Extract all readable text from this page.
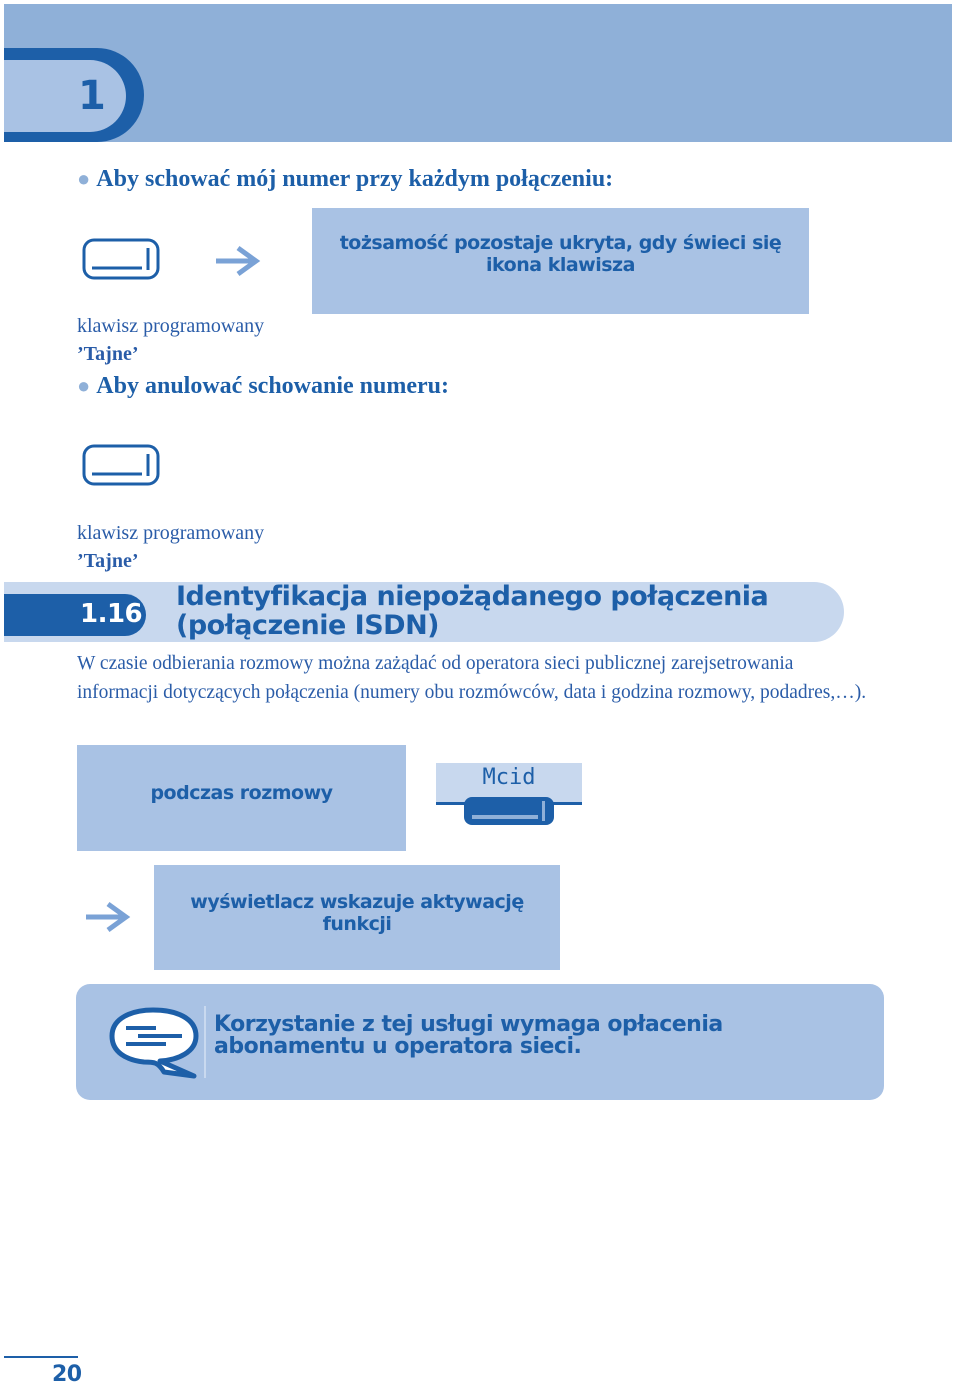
1
● Aby schować mój numer przy każdym połączeniu:
tożsamość pozostaje ukryta, gdy świeci się ikona klawisza
klawisz programowany
’Tajne’
● Aby anulować schowanie numeru:
klawisz programowany
’Tajne’
1.16
Identyfikacja niepożądanego połączenia (połączenie ISDN)
W czasie odbierania rozmowy można zażądać od operatora sieci publicznej zarejsetrowania informacji dotyczących połączenia (numery obu rozmówców, data i godzina rozmowy, podadres,…).
podczas rozmowy
Mcid
wyświetlacz wskazuje aktywację funkcji
Korzystanie z tej usługi wymaga opłacenia abonamentu u operatora sieci.
20
